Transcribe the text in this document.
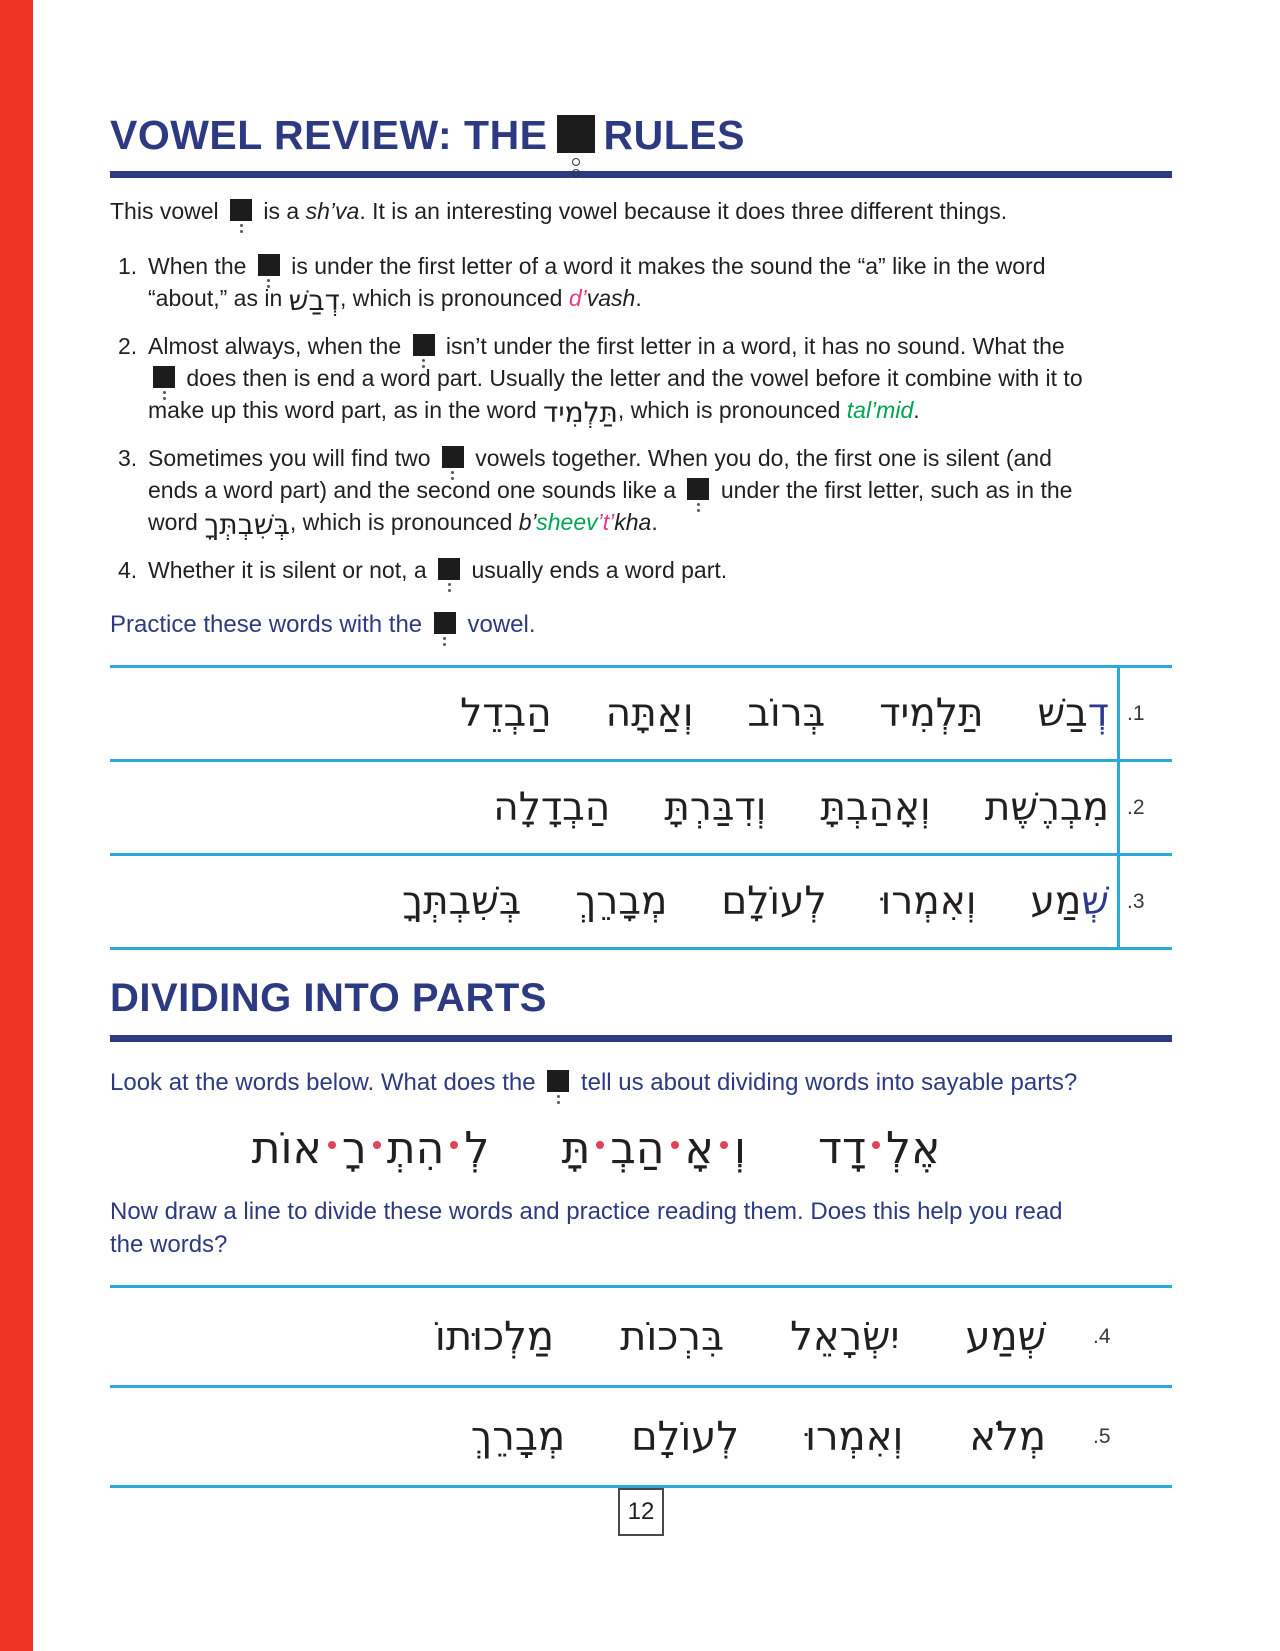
VOWEL REVIEW: THE RULES

This vowel  is a sh’va. It is an interesting vowel because it does three different things.

1. When the  is under the first letter of a word it makes the sound the “a” like in the word “about,” as in דְבַשׁ, which is pronounced d’vash.
2. Almost always, when the  isn’t under the first letter in a word, it has no sound. What the  does then is end a word part. Usually the letter and the vowel before it combine with it to make up this word part, as in the word תַּלְמִיד, which is pronounced tal’mid.
3. Sometimes you will find two  vowels together. When you do, the first one is silent (and ends a word part) and the second one sounds like a  under the first letter, such as in the word בְּשִׁבְתְּךָ, which is pronounced b’sheev’t’kha.
4. Whether it is silent or not, a  usually ends a word part.

Practice these words with the  vowel.

דְבַשׁ
תַּלְמִיד
בְּרוֹב
וְאַתָּה
הַבְדֵל	.1
מִבְרֶשֶׁת
וְאָהַבְתָּ
וְדִבַּרְתָּ
הַבְדָלָה	.2
שְׁמַע
וְאִמְרוּ
לְעוֹלָם
מְבָרֵךְ
בְּשִׁבְתְּךָ	.3
DIVIDING INTO PARTS

Look at the words below. What does the  tell us about dividing words into sayable parts?

אֶלְדָד
וְאָהַבְתָּ
לְהִתְרָאוֹת

Now draw a line to divide these words and practice reading them. Does this help you read the words?

שְׁמַע
יִשְׂרָאֵל
בִּרְכוֹת
מַלְכוּתוֹ	.4
מְלֹא
וְאִמְרוּ
לְעוֹלָם
מְבָרֵךְ	.5
12
